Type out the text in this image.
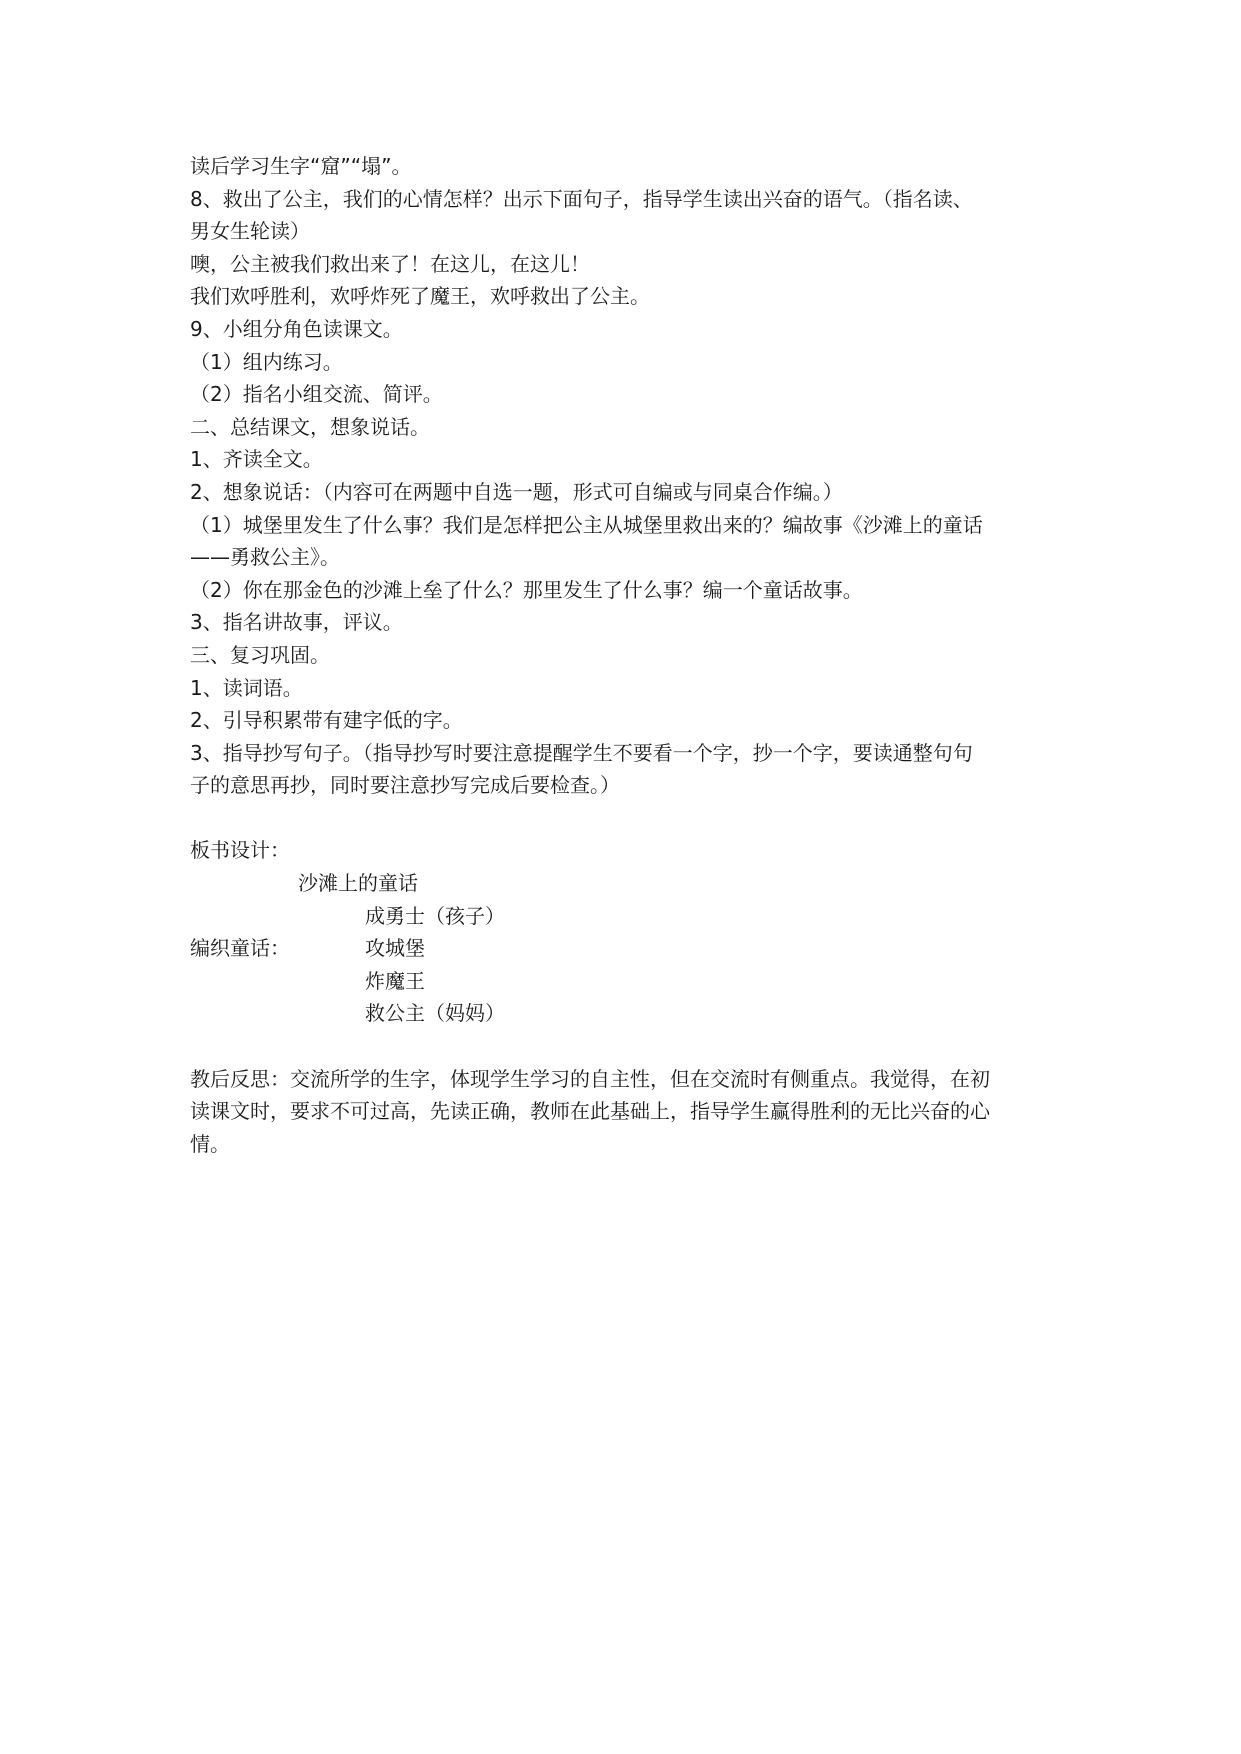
读后学习生字“窟”“塌”。
8、救出了公主，我们的心情怎样？出示下面句子，指导学生读出兴奋的语气。（指名读、
男女生轮读）
噢，公主被我们救出来了！在这儿，在这儿！
我们欢呼胜利，欢呼炸死了魔王，欢呼救出了公主。
9、小组分角色读课文。
（1）组内练习。
（2）指名小组交流、简评。
二、总结课文，想象说话。
1、齐读全文。
2、想象说话：（内容可在两题中自选一题，形式可自编或与同桌合作编。）
（1）城堡里发生了什么事？我们是怎样把公主从城堡里救出来的？编故事《沙滩上的童话
——勇救公主》。
（2）你在那金色的沙滩上垒了什么？那里发生了什么事？编一个童话故事。
3、指名讲故事，评议。
三、复习巩固。
1、读词语。
2、引导积累带有建字低的字。
3、指导抄写句子。（指导抄写时要注意提醒学生不要看一个字，抄一个字，要读通整句句
子的意思再抄，同时要注意抄写完成后要检查。）
板书设计：
沙滩上的童话
成勇士（孩子）
编织童话：	攻城堡
炸魔王
救公主（妈妈）
教后反思：交流所学的生字，体现学生学习的自主性，但在交流时有侧重点。我觉得，在初
读课文时，要求不可过高，先读正确，教师在此基础上，指导学生赢得胜利的无比兴奋的心
情。
